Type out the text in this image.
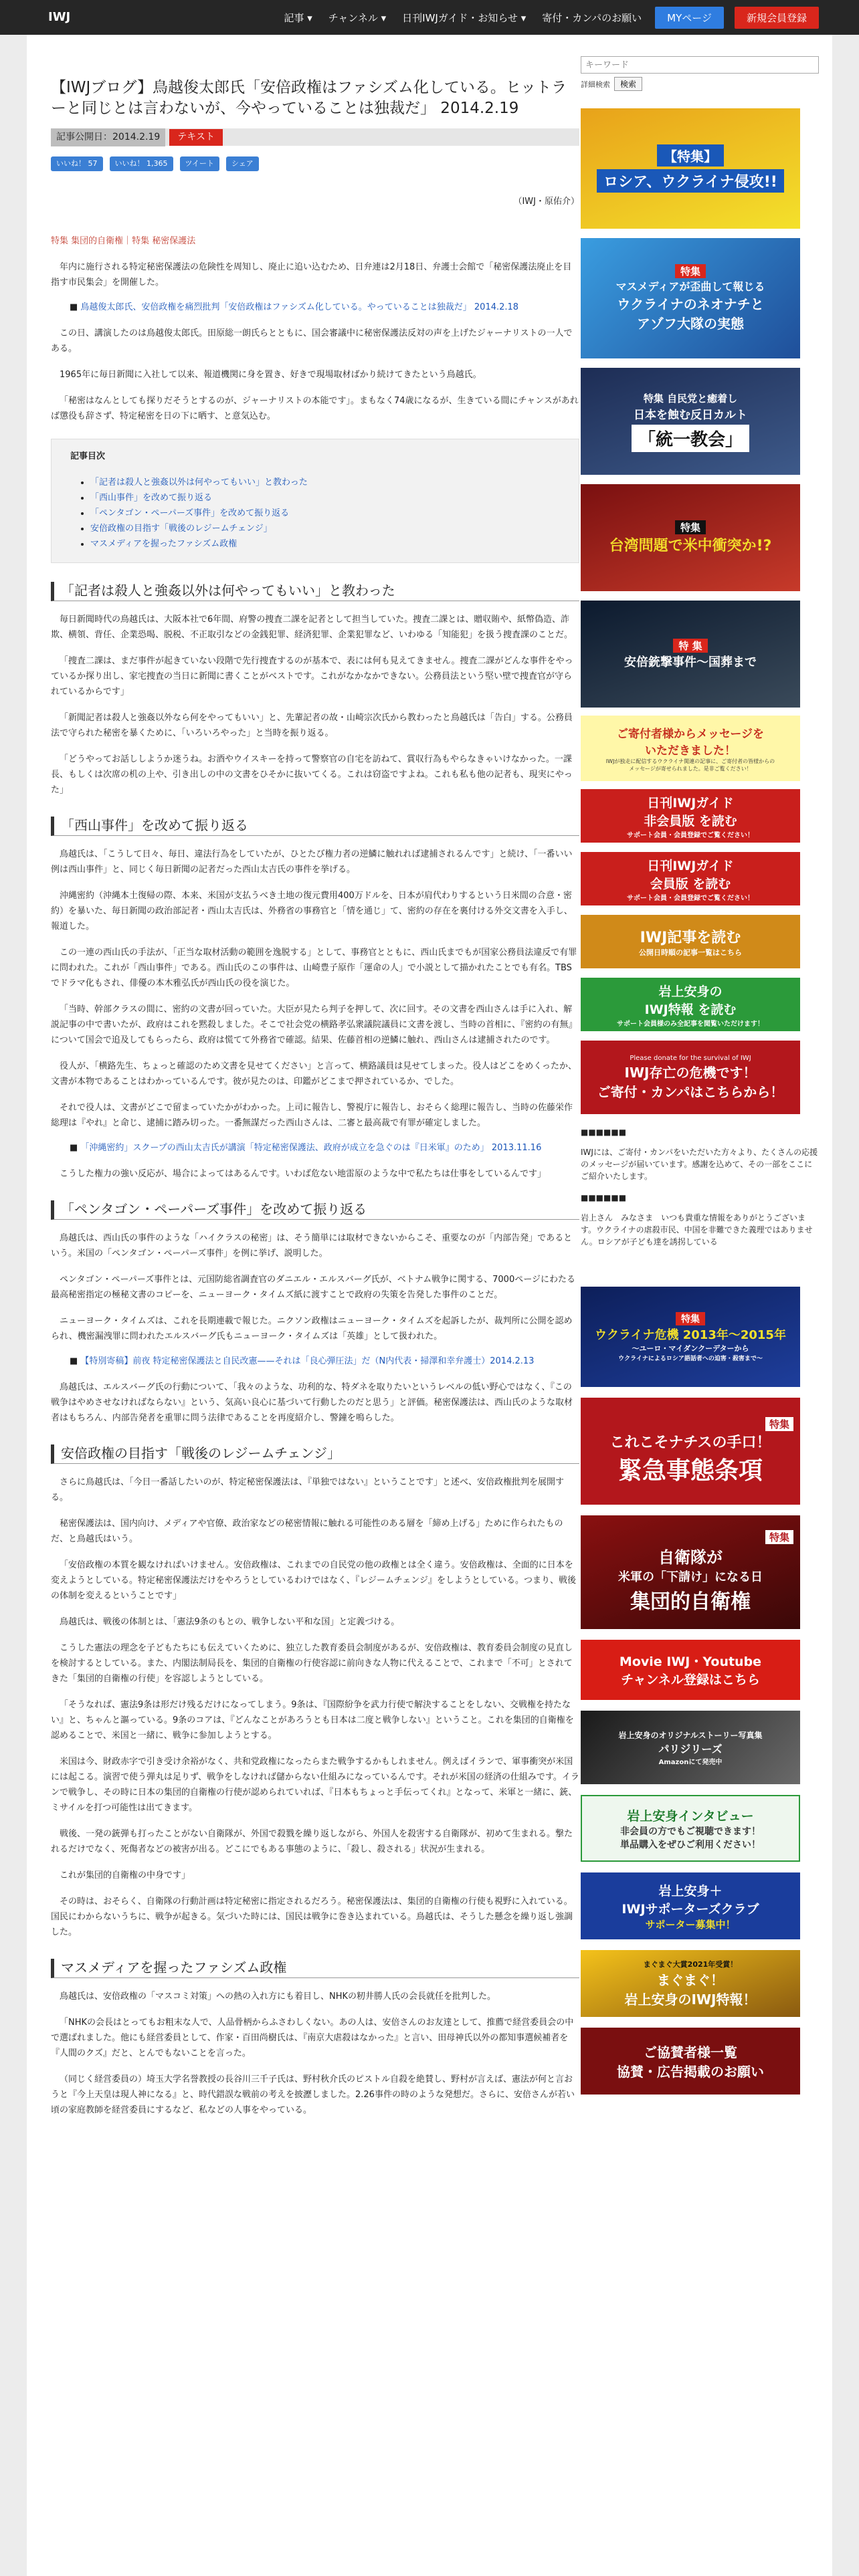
IWJ	記事 ▾ チャンネル ▾ 日刊IWJガイド・お知らせ ▾ 寄付・カンパのお願い	MYページ	新規会員登録
【IWJブログ】鳥越俊太郎氏「安倍政権はファシズム化している。ヒットラーと同じとは言わないが、今やっていることは独裁だ」 2014.2.19
記事公開日：2014.2.19	テキスト
いいね！ 57	いいね！ 1,365	ツイート	シェア
（IWJ・原佑介）
特集 集団的自衛権｜特集 秘密保護法

年内に施行される特定秘密保護法の危険性を周知し、廃止に追い込むため、日弁連は2月18日、弁護士会館で「秘密保護法廃止を目指す市民集会」を開催した。

■ 鳥越俊太郎氏、安倍政権を痛烈批判「安倍政権はファシズム化している。やっていることは独裁だ」 2014.2.18

この日、講演したのは鳥越俊太郎氏。田原総一朗氏らとともに、国会審議中に秘密保護法反対の声を上げたジャーナリストの一人である。

1965年に毎日新聞に入社して以来、報道機関に身を置き、好きで現場取材ばかり続けてきたという鳥越氏。

「秘密はなんとしても探りだそうとするのが、ジャーナリストの本能です」。まもなく74歳になるが、生きている間にチャンスがあれば懲役も辞さず、特定秘密を日の下に晒す、と意気込む。

記事目次
• 「記者は殺人と強姦以外は何やってもいい」と教わった
• 「西山事件」を改めて振り返る
• 「ペンタゴン・ペーパーズ事件」を改めて振り返る
• 安倍政権の目指す「戦後のレジームチェンジ」
• マスメディアを握ったファシズム政権
「記者は殺人と強姦以外は何やってもいい」と教わった

毎日新聞時代の鳥越氏は、大阪本社で6年間、府警の捜査二課を記者として担当していた。捜査二課とは、贈収賄や、紙幣偽造、詐欺、横領、背任、企業恐喝、脱税、不正取引などの金銭犯罪、経済犯罪、企業犯罪など、いわゆる「知能犯」を扱う捜査課のことだ。

「捜査二課は、まだ事件が起きていない段階で先行捜査するのが基本で、表には何も見えてきません。捜査二課がどんな事件をやっているか探り出し、家宅捜査の当日に新聞に書くことがベストです。これがなかなかできない。公務員法という堅い壁で捜査官が守られているからです」

「新聞記者は殺人と強姦以外なら何をやってもいい」と、先輩記者の故・山崎宗次氏から教わったと鳥越氏は「告白」する。公務員法で守られた秘密を暴くために、「いろいろやった」と当時を振り返る。

「どうやってお話ししようか迷うね。お酒やウイスキーを持って警察官の自宅を訪ねて、賞収行為もやらなきゃいけなかった。一課長、もしくは次席の机の上や、引き出しの中の文書をひそかに抜いてくる。これは窃盗ですよね。これも私も他の記者も、現実にやった」

「西山事件」を改めて振り返る

鳥越氏は、「こうして日々、毎日、違法行為をしていたが、ひとたび権力者の逆鱗に触れれば逮捕されるんです」と続け、「一番いい例は西山事件」と、同じく毎日新聞の記者だった西山太吉氏の事件を挙げる。

沖縄密約（沖縄本土復帰の際、本来、米国が支払うべき土地の復元費用400万ドルを、日本が肩代わりするという日米間の合意・密約）を暴いた、毎日新聞の政治部記者・西山太吉氏は、外務省の事務官と「情を通じ」て、密約の存在を裏付ける外交文書を入手し、報道した。

この一連の西山氏の手法が、「正当な取材活動の範囲を逸脱する」として、事務官とともに、西山氏までもが国家公務員法違反で有罪に問われた。これが「西山事件」である。西山氏のこの事件は、山崎豊子原作「運命の人」で小説として描かれたことでも有名。TBSでドラマ化もされ、俳優の本木雅弘氏が西山氏の役を演じた。

「当時、幹部クラスの間に、密約の文書が回っていた。大臣が見たら判子を押して、次に回す。その文書を西山さんは手に入れ、解説記事の中で書いたが、政府はこれを黙殺しました。そこで社会党の横路孝弘衆議院議員に文書を渡し、当時の首相に、『密約の有無』について国会で追及してもらったら、政府は慌てて外務省で確認。結果、佐藤首相の逆鱗に触れ、西山さんは逮捕されたのです。

役人が、「横路先生、ちょっと確認のため文書を見せてください」と言って、横路議員は見せてしまった。役人はどこをめくったか、文書が本物であることはわかっているんです。彼が見たのは、印鑑がどこまで押されているか、でした。

それで役人は、文書がどこで留まっていたかがわかった。上司に報告し、警視庁に報告し、おそらく総理に報告し、当時の佐藤栄作総理は『やれ』と命じ、逮捕に踏み切った。一番無謀だった西山さんは、二審と最高裁で有罪が確定しました。

■ 「沖縄密約」スクープの西山太吉氏が講演「特定秘密保護法、政府が成立を急ぐのは『日米軍』のため」 2013.11.16

こうした権力の強い反応が、場合によってはあるんです。いわば危ない地雷原のような中で私たちは仕事をしているんです」

「ペンタゴン・ペーパーズ事件」を改めて振り返る

鳥越氏は、西山氏の事件のような「ハイクラスの秘密」は、そう簡単には取材できないからこそ、重要なのが「内部告発」であるという。米国の「ペンタゴン・ペーパーズ事件」を例に挙げ、説明した。

ペンタゴン・ペーパーズ事件とは、元国防総省調査官のダニエル・エルスバーグ氏が、ベトナム戦争に関する、7000ページにわたる最高秘密指定の極秘文書のコピーを、ニューヨーク・タイムズ紙に渡すことで政府の失策を告発した事件のことだ。

ニューヨーク・タイムズは、これを長期連載で報じた。ニクソン政権はニューヨーク・タイムズを起訴したが、裁判所に公開を認められ、機密漏洩罪に問われたエルスバーグ氏もニューヨーク・タイムズは「英雄」として扱われた。

■ 【特別寄稿】前夜 特定秘密保護法と自民改憲——それは「良心弾圧法」だ（N内代表・掃澤和幸弁護士）2014.2.13

鳥越氏は、エルスバーグ氏の行動について、「我々のような、功利的な、特ダネを取りたいというレベルの低い野心ではなく、『この戦争はやめさせなければならない』という、気高い良心に基づいて行動したのだと思う」と評価。秘密保護法は、西山氏のような取材者はもちろん、内部告発者を重罪に問う法律であることを再度紹介し、警鐘を鳴らした。

安倍政権の目指す「戦後のレジームチェンジ」

さらに鳥越氏は、「今日一番話したいのが、特定秘密保護法は、『単独ではない』ということです」と述べ、安倍政権批判を展開する。

秘密保護法は、国内向け、メディアや官僚、政治家などの秘密情報に触れる可能性のある層を「締め上げる」ために作られたものだ、と鳥越氏はいう。

「安倍政権の本質を観なければいけません。安倍政権は、これまでの自民党の他の政権とは全く違う。安倍政権は、全面的に日本を変えようとしている。特定秘密保護法だけをやろうとしているわけではなく、『レジームチェンジ』をしようとしている。つまり、戦後の体制を変えるということです」

鳥越氏は、戦後の体制とは、「憲法9条のもとの、戦争しない平和な国」と定義づける。

こうした憲法の理念を子どもたちにも伝えていくために、独立した教育委員会制度があるが、安倍政権は、教育委員会制度の見直しを検討するとしている。また、内閣法制局長を、集団的自衛権の行使容認に前向きな人物に代えることで、これまで「不可」とされてきた「集団的自衛権の行使」を容認しようとしている。

「そうなれば、憲法9条は形だけ残るだけになってしまう。9条は、『国際紛争を武力行使で解決することをしない、交戦権を持たない』と、ちゃんと謳っている。9条のコアは、『どんなことがあろうとも日本は二度と戦争しない』ということ。これを集団的自衛権を認めることで、米国と一緒に、戦争に参加しようとする。

米国は今、財政赤字で引き受け余裕がなく、共和党政権になったらまた戦争するかもしれません。例えばイランで、軍事衝突が米国には起こる。演習で使う弾丸は足りず、戦争をしなければ儲からない仕組みになっているんです。それが米国の経済の仕組みです。イランで戦争し、その時に日本の集団的自衛権の行使が認められていれば、『日本もちょっと手伝ってくれ』となって、米軍と一緒に、銃、ミサイルを打つ可能性は出てきます。

戦後、一発の銃弾も打ったことがない自衛隊が、外国で殺戮を繰り返しながら、外国人を殺害する自衛隊が、初めて生まれる。撃たれるだけでなく、死傷者などの被害が出る。どこにでもある事態のように、「殺し、殺される」状況が生まれる。

これが集団的自衛権の中身です」

その時は、おそらく、自衛隊の行動計画は特定秘密に指定されるだろう。秘密保護法は、集団的自衛権の行使も視野に入れている。国民にわからないうちに、戦争が起きる。気づいた時には、国民は戦争に巻き込まれている。鳥越氏は、そうした懸念を繰り返し強調した。

マスメディアを握ったファシズム政権

鳥越氏は、安倍政権の「マスコミ対策」への熱の入れ方にも着目し、NHKの籾井勝人氏の会長就任を批判した。

「NHKの会長はとってもお粗末な人で、人品骨柄からふさわしくない。あの人は、安倍さんのお友達として、推薦で経営委員会の中で選ばれました。他にも経営委員として、作家・百田尚樹氏は、『南京大虐殺はなかった』と言い、田母神氏以外の都知事選候補者を『人間のクズ』だと、とんでもないことを言った。

（同じく経営委員の）埼玉大学名誉教授の長谷川三千子氏は、野村秋介氏のピストル自殺を絶賛し、野村が言えば、憲法が何と言おうと『今上天皇は現人神になる』と、時代錯誤な戦前の考えを披瀝しました。2.26事件の時のような発想だ。さらに、安倍さんが若い頃の家庭教師を経営委員にするなど、私などの人事をやっている。

キーワード
詳細検索	検索
【特集】
ロシア、ウクライナ侵攻!!
特集
マスメディアが歪曲して報じる
ウクライナのネオナチと
アゾフ大隊の実態
特集 自民党と癒着し
日本を蝕む反日カルト
「統一教会」
特集
台湾問題で米中衝突か!?
特 集
安倍銃撃事件〜国葬まで
ご寄付者様からメッセージを
いただきました！
IWJが独走に配信するウクライナ関連の記事に、ご寄付者の皆様からの
メッセージが寄せられました。是非ご覧ください！
日刊IWJガイド
非会員版 を読む
サポート会員・会員登録でご覧ください！
日刊IWJガイド
会員版 を読む
サポート会員・会員登録でご覧ください！
IWJ記事を読む
公開日時順の記事一覧はこちら
岩上安身の
IWJ特報 を読む
サポート会員様のみ全記事を閲覧いただけます！
Please donate for the survival of IWJ
IWJ存亡の危機です！
ご寄付・カンパはこちらから！
■■■■■■
IWJには、ご寄付・カンパをいただいた方々より、たくさんの応援のメッセージが届いています。感謝を込めて、その一部をここにご紹介いたします。
■■■■■■
岩上さん　みなさま　いつも貴重な情報をありがとうございます。ウクライナの虐殺市民、中国を非難できた義理ではありません。ロシアが子ども達を誘拐している
特集
ウクライナ危機 2013年〜2015年
〜ユーロ・マイダンクーデターから
ウクライナによるロシア語話者への迫害・殺害まで〜
特集
これこそナチスの手口！
緊急事態条項
特集
自衛隊が
米軍の「下請け」になる日
集団的自衛権
Movie IWJ・Youtube
チャンネル登録はこちら
岩上安身のオリジナルストーリー写真集
パリジリーズ
Amazonにて発売中
岩上安身インタビュー
非会員の方でもご視聴できます！
単品購入をぜひご利用ください！
岩上安身＋
IWJサポーターズクラブ
サポーター募集中！
まぐまぐ大賞2021年受賞！
まぐまぐ！
岩上安身のIWJ特報！
ご協賛者様一覧
協賛・広告掲載のお願い
